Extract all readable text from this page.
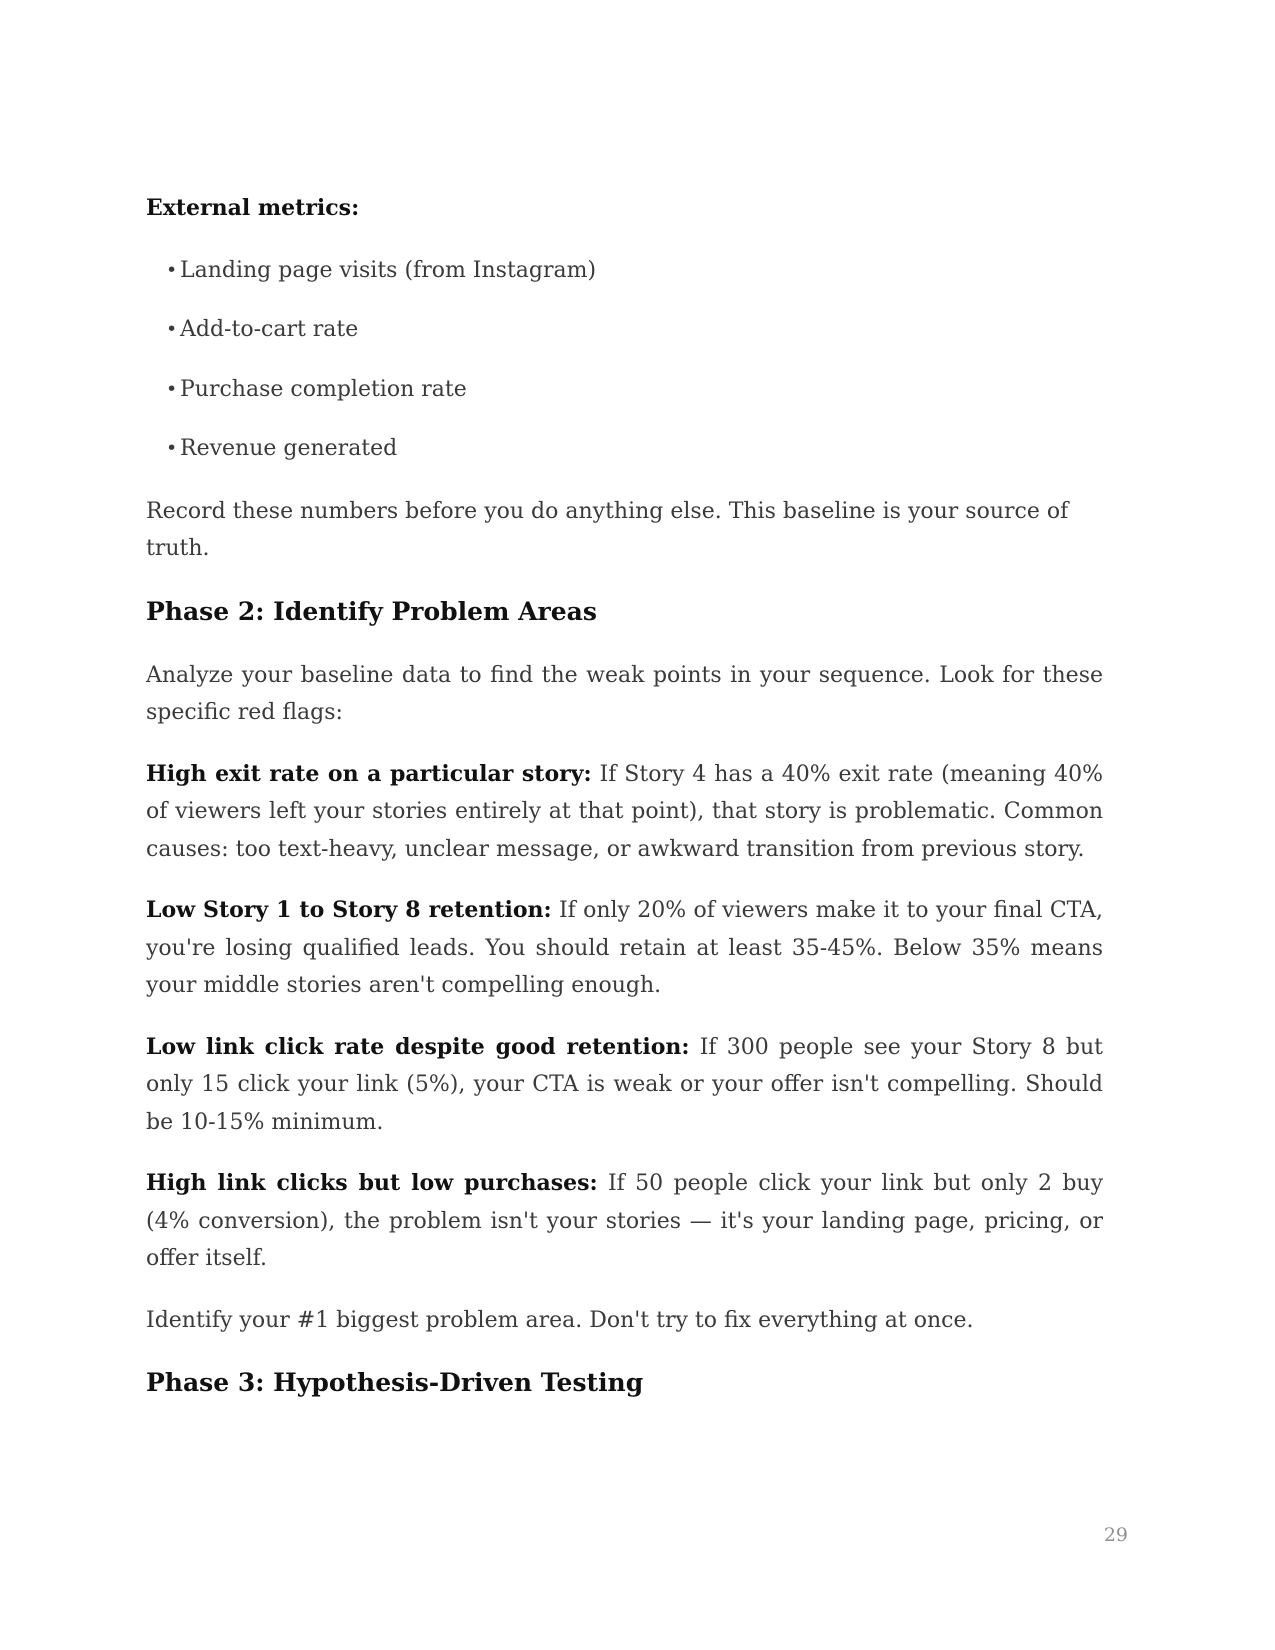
External metrics:

• Landing page visits (from Instagram)
• Add-to-cart rate
• Purchase completion rate
• Revenue generated

Record these numbers before you do anything else. This baseline is your source of truth.

Phase 2: Identify Problem Areas

Analyze your baseline data to find the weak points in your sequence. Look for these specific red flags:

High exit rate on a particular story: If Story 4 has a 40% exit rate (meaning 40% of viewers left your stories entirely at that point), that story is problematic. Common causes: too text-heavy, unclear message, or awkward transition from previous story.

Low Story 1 to Story 8 retention: If only 20% of viewers make it to your final CTA, you're losing qualified leads. You should retain at least 35-45%. Below 35% means your middle stories aren't compelling enough.

Low link click rate despite good retention: If 300 people see your Story 8 but only 15 click your link (5%), your CTA is weak or your offer isn't compelling. Should be 10-15% minimum.

High link clicks but low purchases: If 50 people click your link but only 2 buy (4% conversion), the problem isn't your stories — it's your landing page, pricing, or offer itself.

Identify your #1 biggest problem area. Don't try to fix everything at once.

Phase 3: Hypothesis-Driven Testing
29
